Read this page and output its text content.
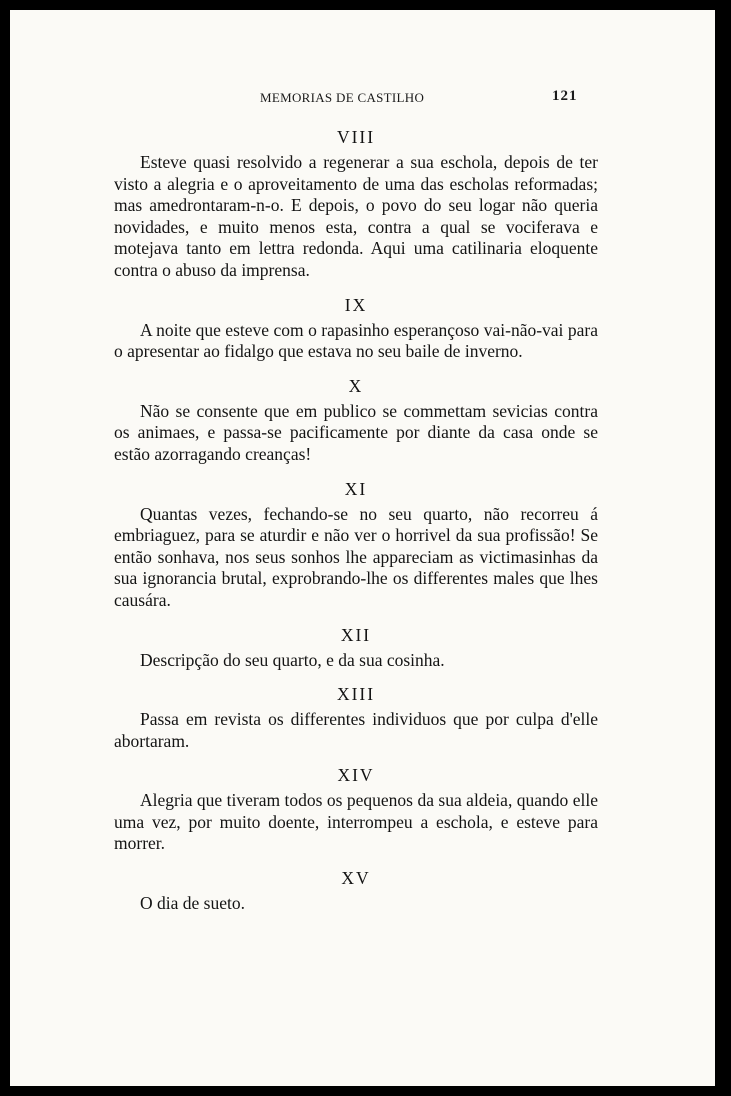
MEMORIAS DE CASTILHO	121

VIII

Esteve quasi resolvido a regenerar a sua eschola, depois de ter visto a alegria e o aproveitamento de uma das escholas reformadas; mas amedrontaram-n-o. E depois, o povo do seu logar não queria novidades, e muito menos esta, contra a qual se vociferava e motejava tanto em lettra redonda. Aqui uma catilinaria eloquente contra o abuso da imprensa.

IX

A noite que esteve com o rapasinho esperançoso vai-não-vai para o apresentar ao fidalgo que estava no seu baile de inverno.

X

Não se consente que em publico se commettam sevicias contra os animaes, e passa-se pacificamente por diante da casa onde se estão azorragando creanças!

XI

Quantas vezes, fechando-se no seu quarto, não recorreu á embriaguez, para se aturdir e não ver o horrivel da sua profissão! Se então sonhava, nos seus sonhos lhe appareciam as victimasinhas da sua ignorancia brutal, exprobrando-lhe os differentes males que lhes causára.

XII

Descripção do seu quarto, e da sua cosinha.

XIII

Passa em revista os differentes individuos que por culpa d'elle abortaram.

XIV

Alegria que tiveram todos os pequenos da sua aldeia, quando elle uma vez, por muito doente, interrompeu a eschola, e esteve para morrer.

XV

O dia de sueto.
